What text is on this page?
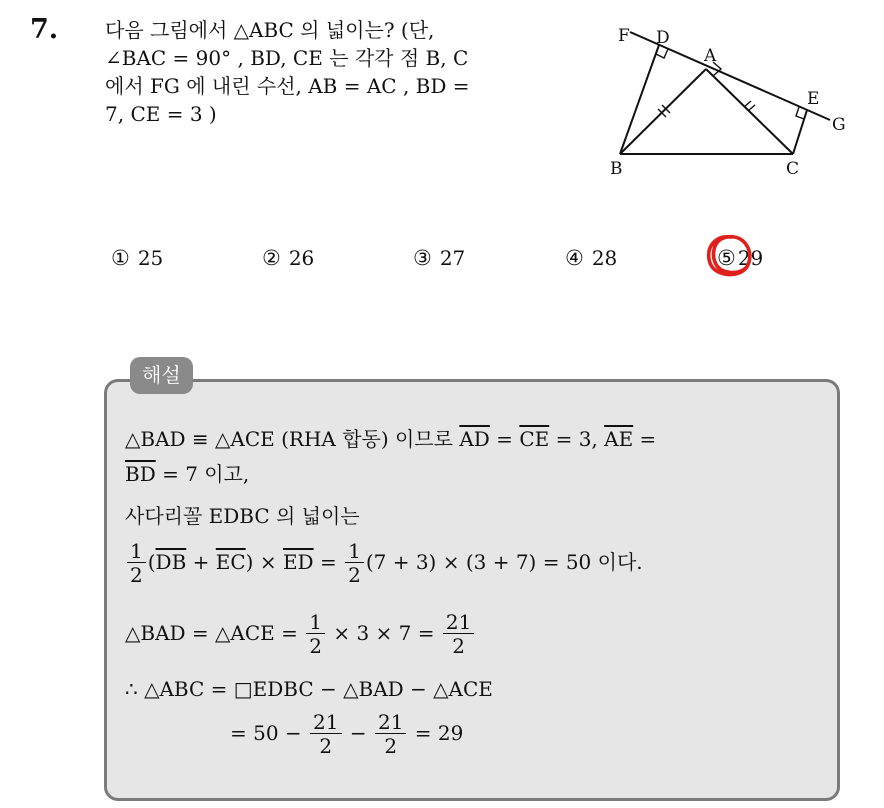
7. 다음 그림에서 △ABC 의 넓이는? (단,
∠BAC = 90° , BD, CE 는 각각 점 B, C
에서 FG 에 내린 수선, AB = AC , BD =
7, CE = 3 )
F D
A
E
G
B	C
① 25	② 26	③ 27	④ 28	⑤ 29
해설
△BAD ≡ △ACE (RHA 합동) 이므로 $\overline{AD} = \overline{CE} = 3$, $\overline{AE}$ =
$\overline{BD} = 7$ 이고,
사다리꼴 EDBC 의 넓이는
$\frac{1}{2} (\overline{DB} + \overline{EC}) \times \overline{ED} = \frac{1}{2} (7 + 3) \times (3 + 7) = 50$ 이다.
△BAD = △ACE = $\frac{1}{2} \times 3 \times 7 = \frac{21}{2}$
∴ △ABC = □EDBC − △BAD − △ACE
= $50 - \frac{21}{2} - \frac{21}{2} = 29$
